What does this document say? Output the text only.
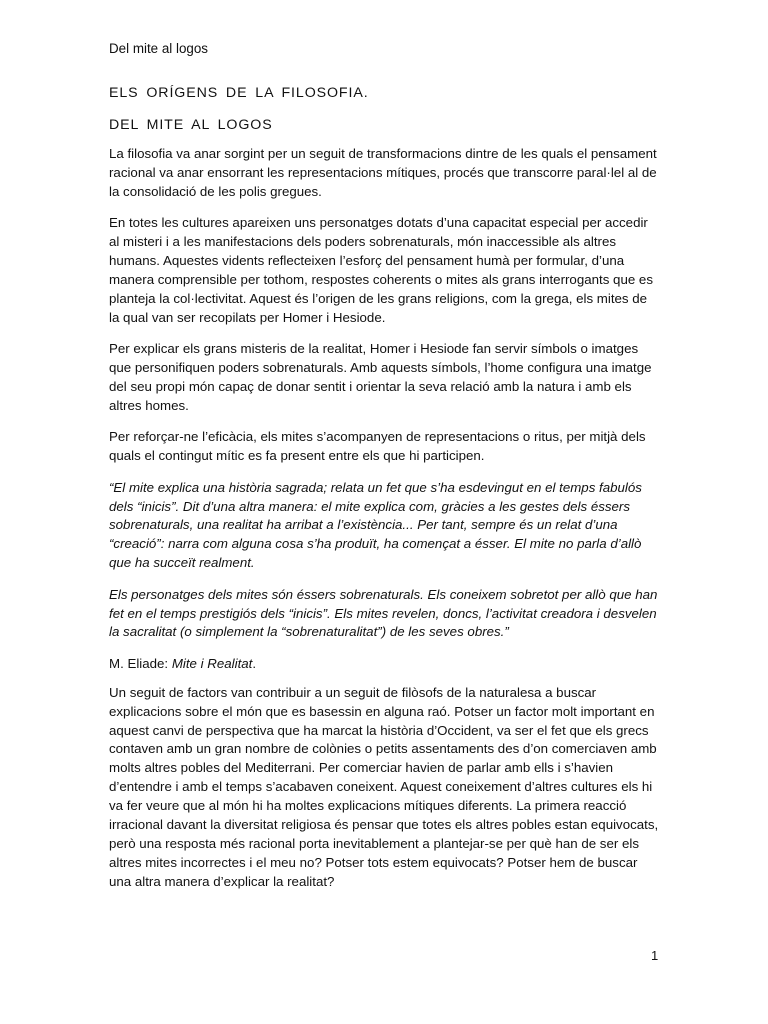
Del mite al logos

ELS ORÍGENS DE LA FILOSOFIA.

DEL MITE AL LOGOS

La filosofia va anar sorgint per un seguit de transformacions dintre de les quals el pensament racional va anar ensorrant les representacions mítiques, procés que transcorre paral·lel al de la consolidació de les polis gregues.

En totes les cultures apareixen uns personatges dotats d’una capacitat especial per accedir al misteri i a les manifestacions dels poders sobrenaturals, món inaccessible als altres humans. Aquestes vidents reflecteixen l’esforç del pensament humà per formular, d’una manera comprensible per tothom, respostes coherents o mites als grans interrogants que es planteja la col·lectivitat. Aquest és l’origen de les grans religions, com la grega, els mites de la qual van ser recopilats per Homer i Hesiode.

Per explicar els grans misteris de la realitat, Homer i Hesiode fan servir símbols o imatges que personifiquen poders sobrenaturals. Amb aquests símbols, l’home configura una imatge del seu propi món capaç de donar sentit i orientar la seva relació amb la natura i amb els altres homes.

Per reforçar-ne l’eficàcia, els mites s’acompanyen de representacions o ritus, per mitjà dels quals el contingut mític es fa present entre els que hi participen.

“El mite explica una història sagrada; relata un fet que s’ha esdevingut en el temps fabulós dels “inicis”. Dit d’una altra manera: el mite explica com, gràcies a les gestes dels éssers sobrenaturals, una realitat ha arribat a l’existència... Per tant, sempre és un relat d’una “creació”: narra com alguna cosa s’ha produït, ha començat a ésser. El mite no parla d’allò que ha succeït realment.

Els personatges dels mites són éssers sobrenaturals. Els coneixem sobretot per allò que han fet en el temps prestigiós dels “inicis”. Els mites revelen, doncs, l’activitat creadora i desvelen la sacralitat (o simplement la “sobrenaturalitat”) de les seves obres.”

M. Eliade: Mite i Realitat.

Un seguit de factors van contribuir a un seguit de filòsofs de la naturalesa a buscar explicacions sobre el món que es basessin en alguna raó. Potser un factor molt important en aquest canvi de perspectiva que ha marcat la història d’Occident, va ser el fet que els grecs contaven amb un gran nombre de colònies o petits assentaments des d’on comerciaven amb molts altres pobles del Mediterrani. Per comerciar havien de parlar amb ells i s’havien d’entendre i amb el temps s’acabaven coneixent. Aquest coneixement d’altres cultures els hi va fer veure que al món hi ha moltes explicacions mítiques diferents. La primera reacció irracional davant la diversitat religiosa és pensar que totes els altres pobles estan equivocats, però una resposta més racional porta inevitablement a plantejar-se per què han de ser els altres mites incorrectes i el meu no? Potser tots estem equivocats? Potser hem de buscar una altra manera d’explicar la realitat?

1
